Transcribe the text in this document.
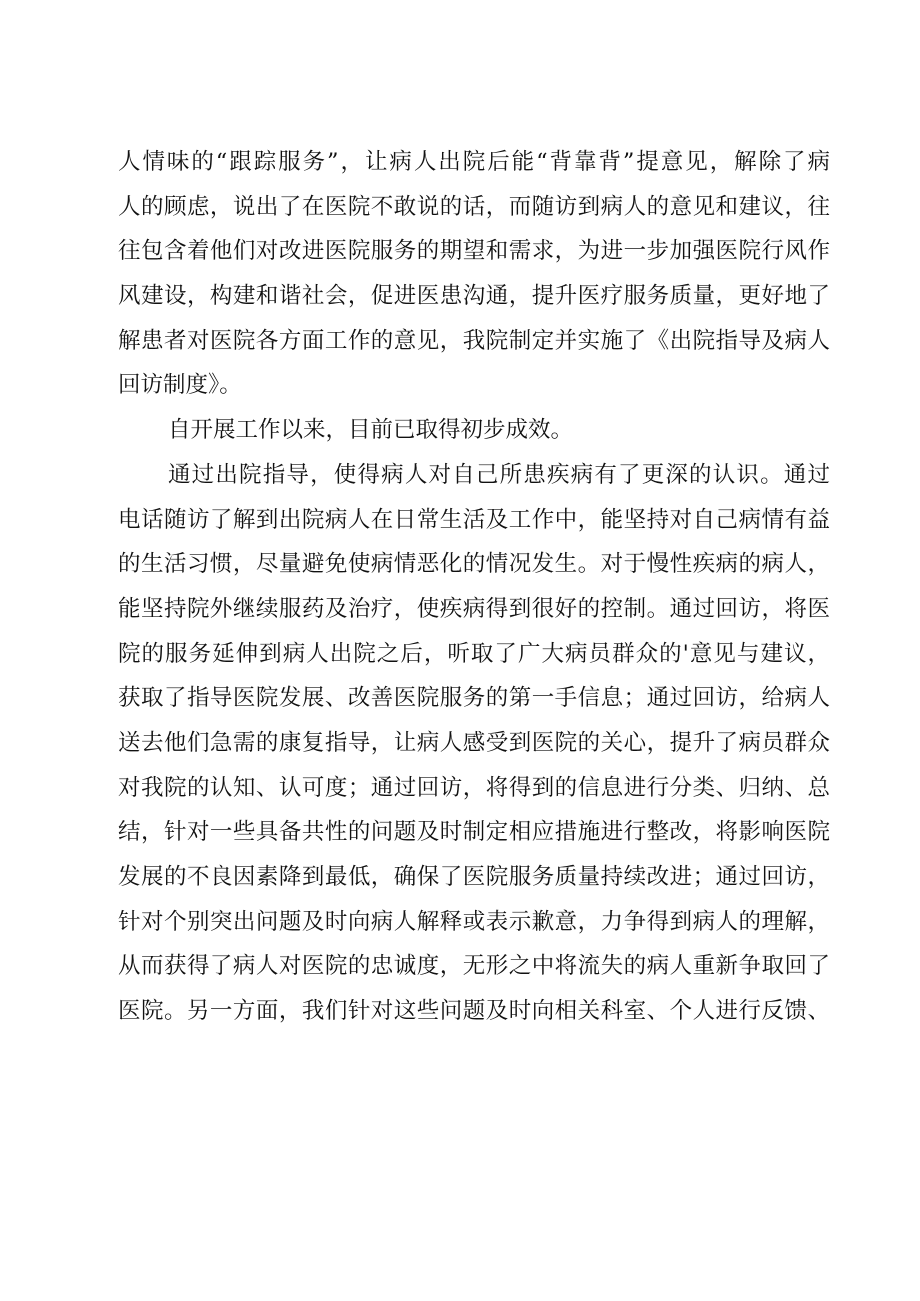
人情味的“跟踪服务”，让病人出院后能“背靠背”提意见，解除了病
人的顾虑，说出了在医院不敢说的话，而随访到病人的意见和建议，往
往包含着他们对改进医院服务的期望和需求，为进一步加强医院行风作
风建设，构建和谐社会，促进医患沟通，提升医疗服务质量，更好地了
解患者对医院各方面工作的意见，我院制定并实施了《出院指导及病人
回访制度》。
自开展工作以来，目前已取得初步成效。
通过出院指导，使得病人对自己所患疾病有了更深的认识。通过
电话随访了解到出院病人在日常生活及工作中，能坚持对自己病情有益
的生活习惯，尽量避免使病情恶化的情况发生。对于慢性疾病的病人，
能坚持院外继续服药及治疗，使疾病得到很好的控制。通过回访，将医
院的服务延伸到病人出院之后，听取了广大病员群众的'意见与建议，
获取了指导医院发展、改善医院服务的第一手信息；通过回访，给病人
送去他们急需的康复指导，让病人感受到医院的关心，提升了病员群众
对我院的认知、认可度；通过回访，将得到的信息进行分类、归纳、总
结，针对一些具备共性的问题及时制定相应措施进行整改，将影响医院
发展的不良因素降到最低，确保了医院服务质量持续改进；通过回访，
针对个别突出问题及时向病人解释或表示歉意，力争得到病人的理解，
从而获得了病人对医院的忠诚度，无形之中将流失的病人重新争取回了
医院。另一方面，我们针对这些问题及时向相关科室、个人进行反馈、
